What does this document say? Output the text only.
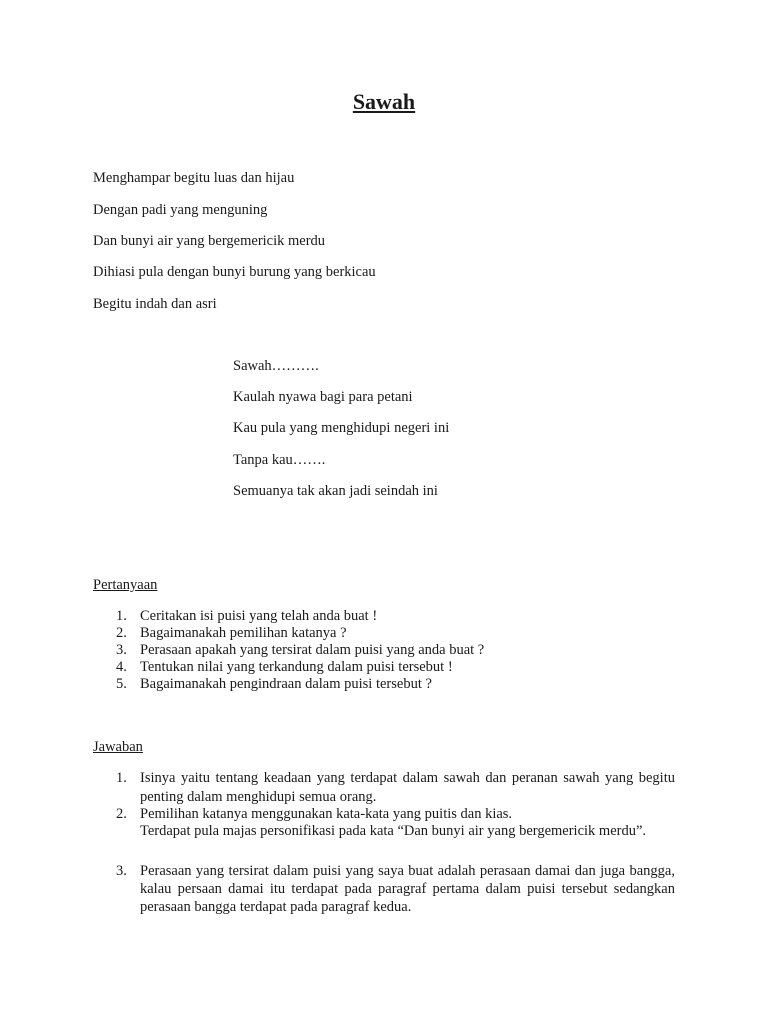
Sawah
Menghampar begitu luas dan hijau
Dengan padi yang menguning
Dan bunyi air yang bergemericik merdu
Dihiasi pula dengan bunyi burung yang berkicau
Begitu indah dan asri
Sawah……….
Kaulah nyawa bagi para petani
Kau pula yang menghidupi negeri ini
Tanpa kau…….
Semuanya tak akan jadi seindah ini
Pertanyaan
1. Ceritakan isi puisi yang telah anda buat !
2. Bagaimanakah pemilihan katanya ?
3. Perasaan apakah yang tersirat dalam puisi yang anda buat ?
4. Tentukan nilai yang terkandung dalam puisi tersebut !
5. Bagaimanakah pengindraan dalam puisi tersebut ?
Jawaban
1. Isinya yaitu tentang keadaan yang terdapat dalam sawah dan peranan sawah yang begitu penting dalam menghidupi semua orang.
2. Pemilihan katanya menggunakan kata-kata yang puitis dan kias.
Terdapat pula majas personifikasi pada kata “Dan bunyi air yang bergemericik merdu”.
3. Perasaan yang tersirat dalam puisi yang saya buat adalah perasaan damai dan juga bangga, kalau persaan damai itu terdapat pada paragraf pertama dalam puisi tersebut sedangkan perasaan bangga terdapat pada paragraf kedua.
